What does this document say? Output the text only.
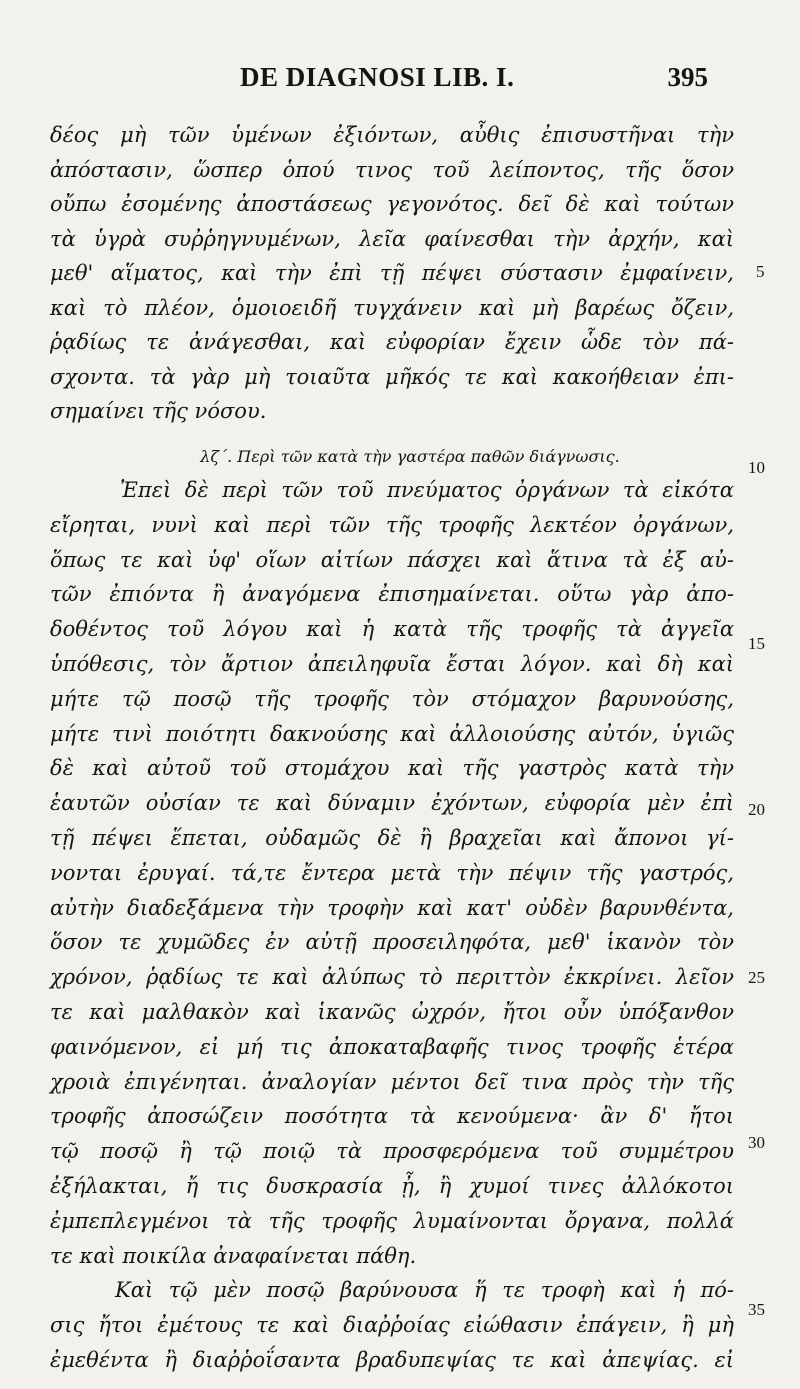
DE DIAGNOSI LIB. I.	395
δέος μὴ τῶν ὑμένων ἐξιόντων, αὖθις ἐπισυστῆναι τὴν
ἀπόστασιν, ὥσπερ ὁπού τινος τοῦ λείποντος, τῆς ὅσον
οὔπω ἐσομένης ἀποστάσεως γεγονότος. δεῖ δὲ καὶ τούτων
τὰ ὑγρὰ συῤῥηγνυμένων, λεῖα φαίνεσθαι τὴν ἀρχήν, καὶ
μεθ' αἵματος, καὶ τὴν ἐπὶ τῇ πέψει σύστασιν ἐμφαίνειν,
καὶ τὸ πλέον, ὁμοιοειδῆ τυγχάνειν καὶ μὴ βαρέως ὄζειν,
ῥᾳδίως τε ἀνάγεσθαι, καὶ εὐφορίαν ἔχειν ὧδε τὸν πά-
σχοντα. τὰ γὰρ μὴ τοιαῦτα μῆκός τε καὶ κακοήθειαν ἐπι-
σημαίνει τῆς νόσου.
λζ΄. Περὶ τῶν κατὰ τὴν γαστέρα παθῶν διάγνωσις.
Ἐπεὶ δὲ περὶ τῶν τοῦ πνεύματος ὀργάνων τὰ εἰκότα
εἴρηται, νυνὶ καὶ περὶ τῶν τῆς τροφῆς λεκτέον ὀργάνων,
ὅπως τε καὶ ὑφ' οἵων αἰτίων πάσχει καὶ ἅτινα τὰ ἐξ αὐ-
τῶν ἐπιόντα ἢ ἀναγόμενα ἐπισημαίνεται. οὕτω γὰρ ἀπο-
δοθέντος τοῦ λόγου καὶ ἡ κατὰ τῆς τροφῆς τὰ ἀγγεῖα
ὑπόθεσις, τὸν ἄρτιον ἀπειληφυῖα ἔσται λόγον. καὶ δὴ καὶ
μήτε τῷ ποσῷ τῆς τροφῆς τὸν στόμαχον βαρυνούσης,
μήτε τινὶ ποιότητι δακνούσης καὶ ἀλλοιούσης αὐτόν, ὑγιῶς
δὲ καὶ αὐτοῦ τοῦ στομάχου καὶ τῆς γαστρὸς κατὰ τὴν
ἑαυτῶν οὐσίαν τε καὶ δύναμιν ἐχόντων, εὐφορία μὲν ἐπὶ
τῇ πέψει ἕπεται, οὐδαμῶς δὲ ἢ βραχεῖαι καὶ ἄπονοι γί-
νονται ἐρυγαί. τά,τε ἔντερα μετὰ τὴν πέψιν τῆς γαστρός,
αὐτὴν διαδεξάμενα τὴν τροφὴν καὶ κατ' οὐδὲν βαρυνθέντα,
ὅσον τε χυμῶδες ἐν αὐτῇ προσειληφότα, μεθ' ἱκανὸν τὸν
χρόνον, ῥᾳδίως τε καὶ ἀλύπως τὸ περιττὸν ἐκκρίνει. λεῖον
τε καὶ μαλθακὸν καὶ ἱκανῶς ὠχρόν, ἤτοι οὖν ὑπόξανθον
φαινόμενον, εἰ μή τις ἀποκαταβαφῆς τινος τροφῆς ἑτέρα
χροιὰ ἐπιγένηται. ἀναλογίαν μέντοι δεῖ τινα πρὸς τὴν τῆς
τροφῆς ἀποσώζειν ποσότητα τὰ κενούμενα· ἂν δ' ἤτοι
τῷ ποσῷ ἢ τῷ ποιῷ τὰ προσφερόμενα τοῦ συμμέτρου
ἐξήλακται, ἤ τις δυσκρασία ᾖ, ἢ χυμοί τινες ἀλλόκοτοι
ἐμπεπλεγμένοι τὰ τῆς τροφῆς λυμαίνονται ὄργανα, πολλά
τε καὶ ποικίλα ἀναφαίνεται πάθη.
Καὶ τῷ μὲν ποσῷ βαρύνουσα ἥ τε τροφὴ καὶ ἡ πό-
σις ἤτοι ἐμέτους τε καὶ διαῤῥοίας εἰώθασιν ἐπάγειν, ἢ μὴ
ἐμεθέντα ἢ διαῤῥοΐσαντα βραδυπεψίας τε καὶ ἀπεψίας. εἰ
5
10
15
20
25
30
35
